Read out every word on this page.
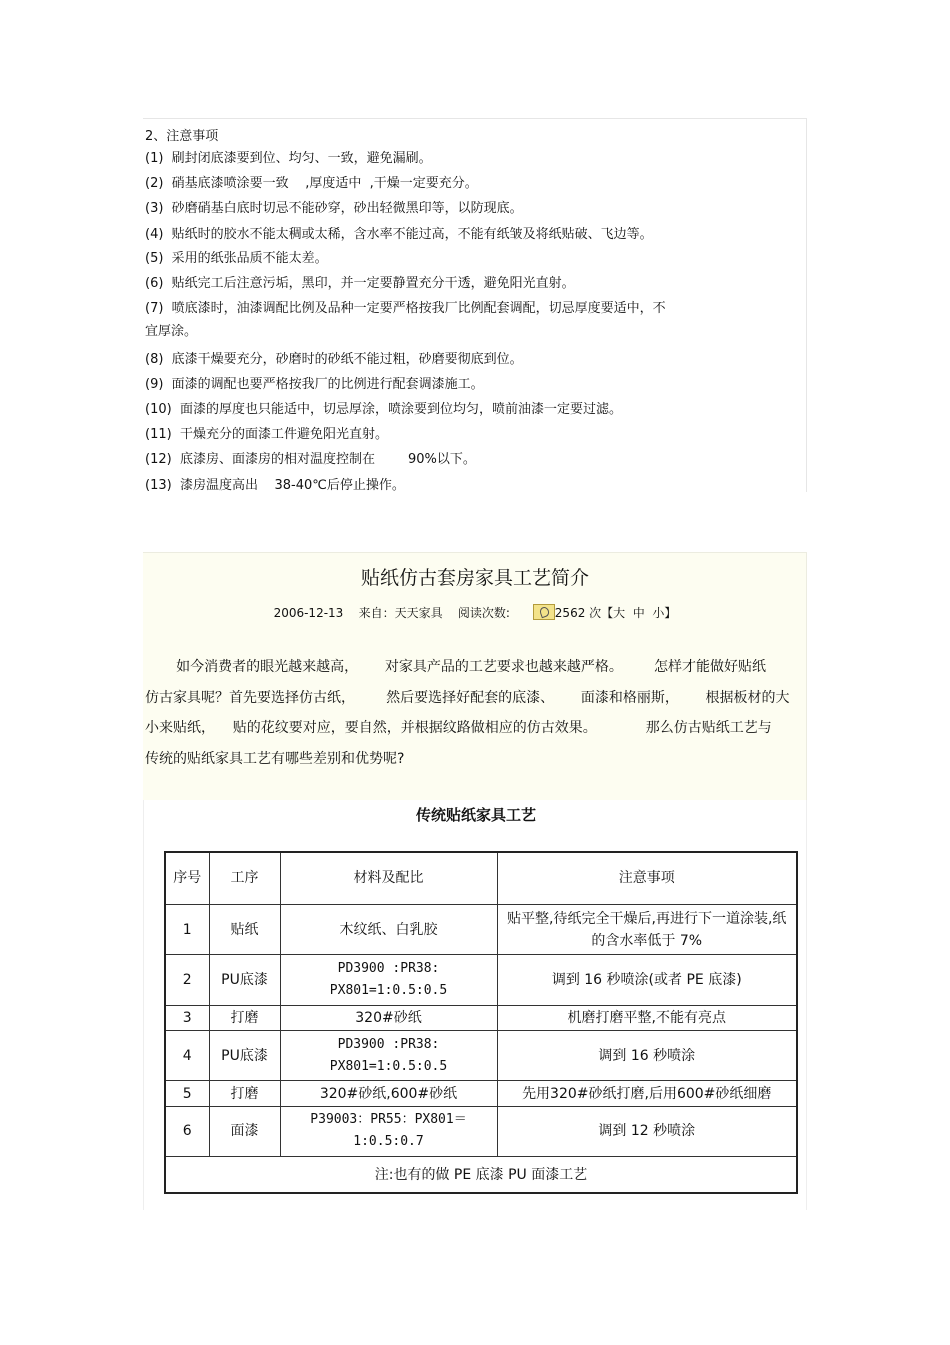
2、注意事项
(1)  刷封闭底漆要到位、均匀、一致，避免漏刷。
(2)  硝基底漆喷涂要一致    ,厚度适中  ,干燥一定要充分。
(3)  砂磨硝基白底时切忌不能砂穿，砂出轻微黑印等，以防现底。
(4)  贴纸时的胶水不能太稠或太稀，含水率不能过高，不能有纸皱及将纸贴破、飞边等。
(5)  采用的纸张品质不能太差。
(6)  贴纸完工后注意污垢，黑印，并一定要静置充分干透，避免阳光直射。
(7)  喷底漆时，油漆调配比例及品种一定要严格按我厂比例配套调配，切忌厚度要适中，不
宜厚涂。
(8)  底漆干燥要充分，砂磨时的砂纸不能过粗，砂磨要彻底到位。
(9)  面漆的调配也要严格按我厂的比例进行配套调漆施工。
(10)  面漆的厚度也只能适中，切忌厚涂，喷涂要到位均匀，喷前油漆一定要过滤。
(11)  干燥充分的面漆工件避免阳光直射。
(12)  底漆房、面漆房的相对温度控制在        90%以下。
(13)  漆房温度高出    38-40℃后停止操作。
贴纸仿古套房家具工艺简介
2006-12-13 来自：天天家具 阅读次数:	2562 次【大  中  小】
如今消费者的眼光越来越高，      对家具产品的工艺要求也越来越严格。       怎样才能做好贴纸
仿古家具呢？首先要选择仿古纸，       然后要选择好配套的底漆、      面漆和格丽斯，      根据板材的大
小来贴纸，    贴的花纹要对应，要自然，并根据纹路做相应的仿古效果。           那么仿古贴纸工艺与
传统的贴纸家具工艺有哪些差别和优势呢?
传统贴纸家具工艺
序号	工序	材料及配比	注意事项
1	贴纸	木纹纸、白乳胶	贴平整,待纸完全干燥后,再进行下一道涂装,纸的含水率低于 7%
2	PU底漆	PD3900 :PR38: PX801=1:0.5:0.5	调到 16 秒喷涂(或者 PE 底漆)
3	打磨	320#砂纸	机磨打磨平整,不能有亮点
4	PU底漆	PD3900 :PR38: PX801=1:0.5:0.5	调到 16 秒喷涂
5	打磨	320#砂纸,600#砂纸	先用320#砂纸打磨,后用600#砂纸细磨
6	面漆	P39003：PR55：PX801＝ 1:0.5:0.7	调到 12 秒喷涂
注:也有的做 PE 底漆 PU 面漆工艺			
